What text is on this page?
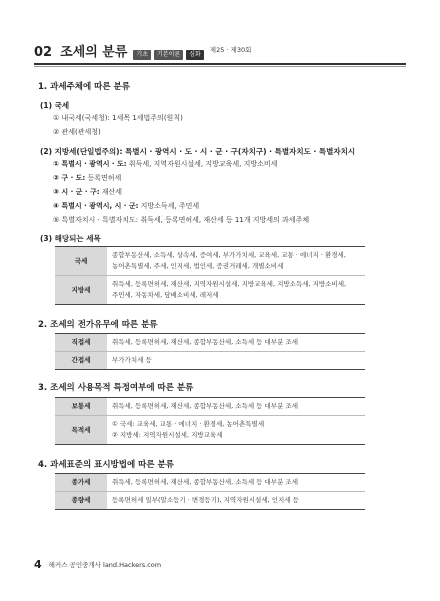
02 조세의 분류	기초	기본이론	심화
제25 · 제30회
1. 과세주체에 따른 분류
(1) 국세
① 내국세(국세청): 1세목 1세법주의(원칙)
② 관세(관세청)
(2) 지방세(단일법주의): 특별시 · 광역시 · 도 · 시 · 군 · 구(자치구) · 특별자치도 · 특별자치시
① 특별시 · 광역시 · 도: 취득세, 지역자원시설세, 지방교육세, 지방소비세
② 구 · 도: 등록면허세
③ 시 · 군 · 구: 재산세
④ 특별시 · 광역시, 시 · 군: 지방소득세, 주민세
⑤ 특별자치시 · 특별자치도: 취득세, 등록면허세, 재산세 등 11개 지방세의 과세주체
(3) 해당되는 세목
국세	종합부동산세, 소득세, 상속세, 증여세, 부가가치세, 교육세, 교통 · 에너지 · 환경세,
농어촌특별세, 주세, 인지세, 법인세, 증권거래세, 개별소비세

지방세	취득세, 등록면허세, 재산세, 지역자원시설세, 지방교육세, 지방소득세, 지방소비세,
주민세, 자동차세, 담배소비세, 레저세
2. 조세의 전가유무에 따른 분류
직접세	취득세, 등록면허세, 재산세, 종합부동산세, 소득세 등 대부분 조세
간접세	부가가치세 등
3. 조세의 사용목적 특정여부에 따른 분류
보통세	취득세, 등록면허세, 재산세, 종합부동산세, 소득세 등 대부분 조세
목적세	① 국세: 교육세, 교통 · 에너지 · 환경세, 농어촌특별세
② 지방세: 지역자원시설세, 지방교육세
4. 과세표준의 표시방법에 따른 분류
종가세	취득세, 등록면허세, 재산세, 종합부동산세, 소득세 등 대부분 조세
종량세	등록면허세 일부(말소등기 · 변경등기), 지역자원시설세, 인지세 등
4 해커스 공인중개사 land.Hackers.com
